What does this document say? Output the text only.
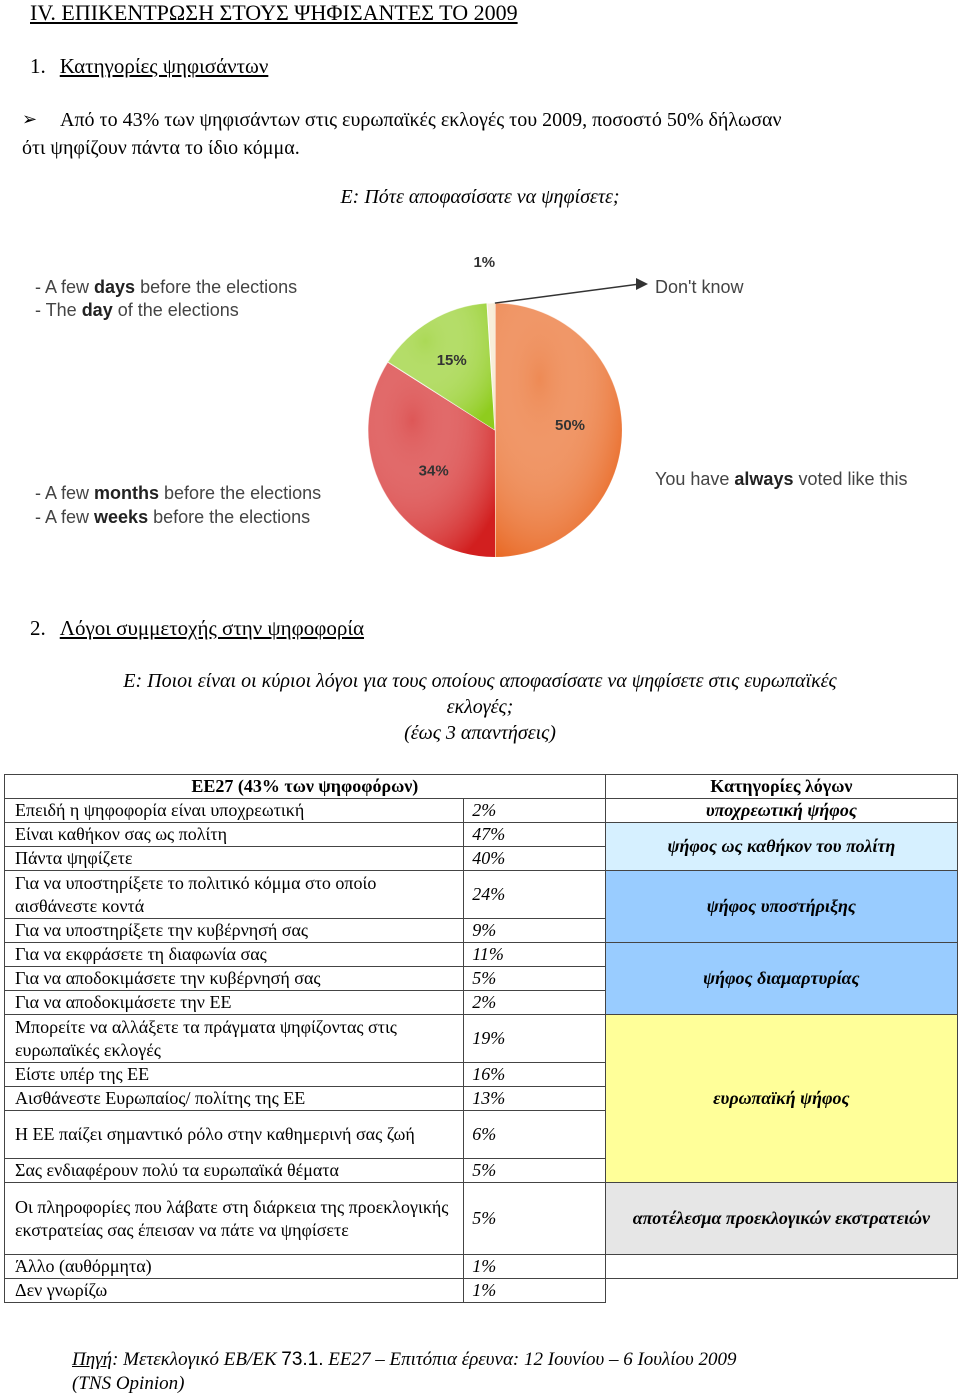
IV. ΕΠΙΚΕΝΤΡΩΣΗ ΣΤΟΥΣ ΨΗΦΙΣΑΝΤΕΣ ΤΟ 2009
1. Κατηγορίες ψηφισάντων
➢ Από το 43% των ψηφισάντων στις ευρωπαϊκές εκλογές του 2009, ποσοστό 50% δήλωσαν
ότι ψηφίζουν πάντα το ίδιο κόμμα.
Ε: Πότε αποφασίσατε να ψηφίσετε;
50%
34%
15%
1%
- A few days before the elections
- The day of the elections
- A few months before the elections
- A few weeks before the elections
Don't know
You have always voted like this
2. Λόγοι συμμετοχής στην ψηφοφορία
Ε: Ποιοι είναι οι κύριοι λόγοι για τους οποίους αποφασίσατε να ψηφίσετε στις ευρωπαϊκές
εκλογές;
(έως 3 απαντήσεις)
ΕΕ27 (43% των ψηφοφόρων)		Κατηγορίες λόγων
Επειδή η ψηφοφορία είναι υποχρεωτική	2%	υποχρεωτική ψήφος
Είναι καθήκον σας ως πολίτη	47%	ψήφος ως καθήκον του πολίτη
Πάντα ψηφίζετε	40%	
Για να υποστηρίξετε το πολιτικό κόμμα στο οποίο αισθάνεστε κοντά	24%	ψήφος υποστήριξης
Για να υποστηρίξετε την κυβέρνησή σας	9%	
Για να εκφράσετε τη διαφωνία σας	11%	ψήφος διαμαρτυρίας
Για να αποδοκιμάσετε την κυβέρνησή σας	5%	
Για να αποδοκιμάσετε την ΕΕ	2%	
Μπορείτε να αλλάξετε τα πράγματα ψηφίζοντας στις ευρωπαϊκές εκλογές	19%	ευρωπαϊκή ψήφος
Είστε υπέρ της ΕΕ	16%	
Αισθάνεστε Ευρωπαίος/ πολίτης της ΕΕ	13%	
Η ΕΕ παίζει σημαντικό ρόλο στην καθημερινή σας ζωή	6%	
Σας ενδιαφέρουν πολύ τα ευρωπαϊκά θέματα	5%	
Οι πληροφορίες που λάβατε στη διάρκεια της προεκλογικής εκστρατείας σας έπεισαν να πάτε να ψηφίσετε	5%	αποτέλεσμα προεκλογικών εκστρατειών
Άλλο (αυθόρμητα)	1%	
Δεν γνωρίζω	1%	
Πηγή: Μετεκλογικό ΕΒ/ΕΚ 73.1. ΕΕ27 – Επιτόπια έρευνα: 12 Ιουνίου – 6 Ιουλίου 2009
(TNS Opinion)
